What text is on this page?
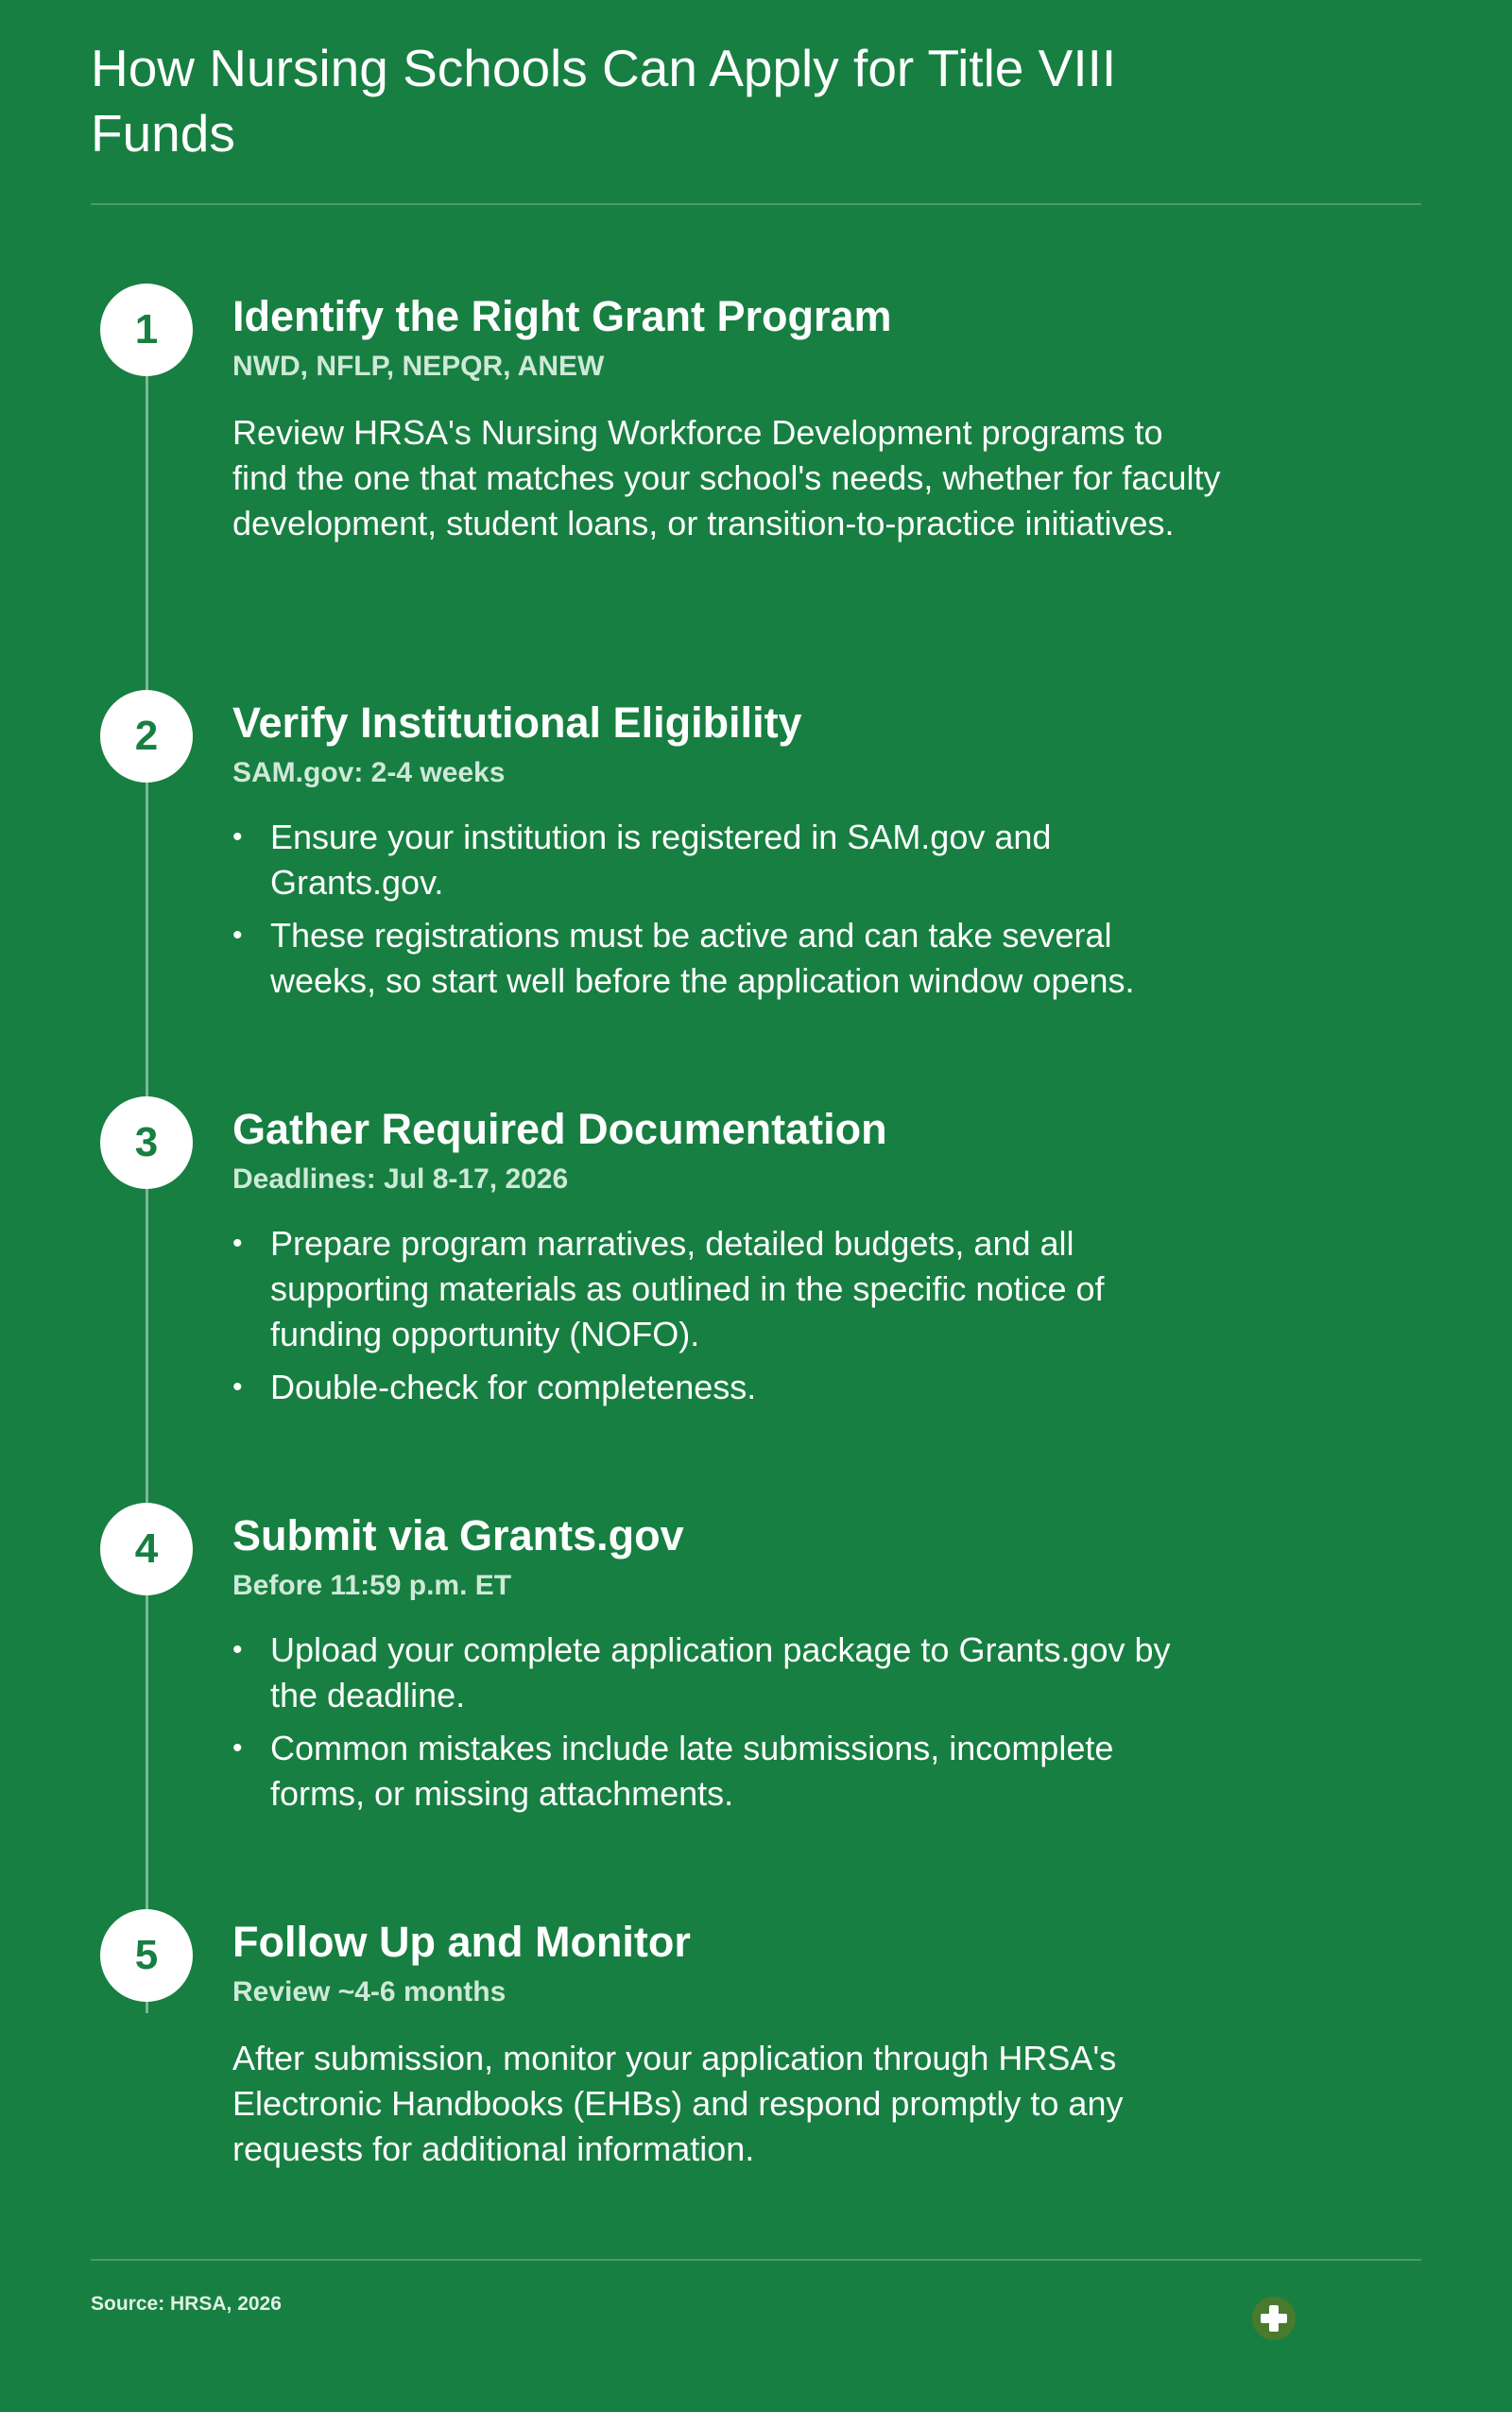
How Nursing Schools Can Apply for Title VIII Funds
1	Identify the Right Grant Program

NWD, NFLP, NEPQR, ANEW

Review HRSA's Nursing Workforce Development programs to find the one that matches your school's needs, whether for faculty development, student loans, or transition-to-practice initiatives.

2	Verify Institutional Eligibility

SAM.gov: 2-4 weeks

• Ensure your institution is registered in SAM.gov and Grants.gov.
• These registrations must be active and can take several weeks, so start well before the application window opens.
3	Gather Required Documentation

Deadlines: Jul 8-17, 2026

• Prepare program narratives, detailed budgets, and all supporting materials as outlined in the specific notice of funding opportunity (NOFO).
• Double-check for completeness.
4	Submit via Grants.gov

Before 11:59 p.m. ET

• Upload your complete application package to Grants.gov by the deadline.
• Common mistakes include late submissions, incomplete forms, or missing attachments.
5	Follow Up and Monitor

Review ~4-6 months

After submission, monitor your application through HRSA's Electronic Handbooks (EHBs) and respond promptly to any requests for additional information.

Source: HRSA, 2026
